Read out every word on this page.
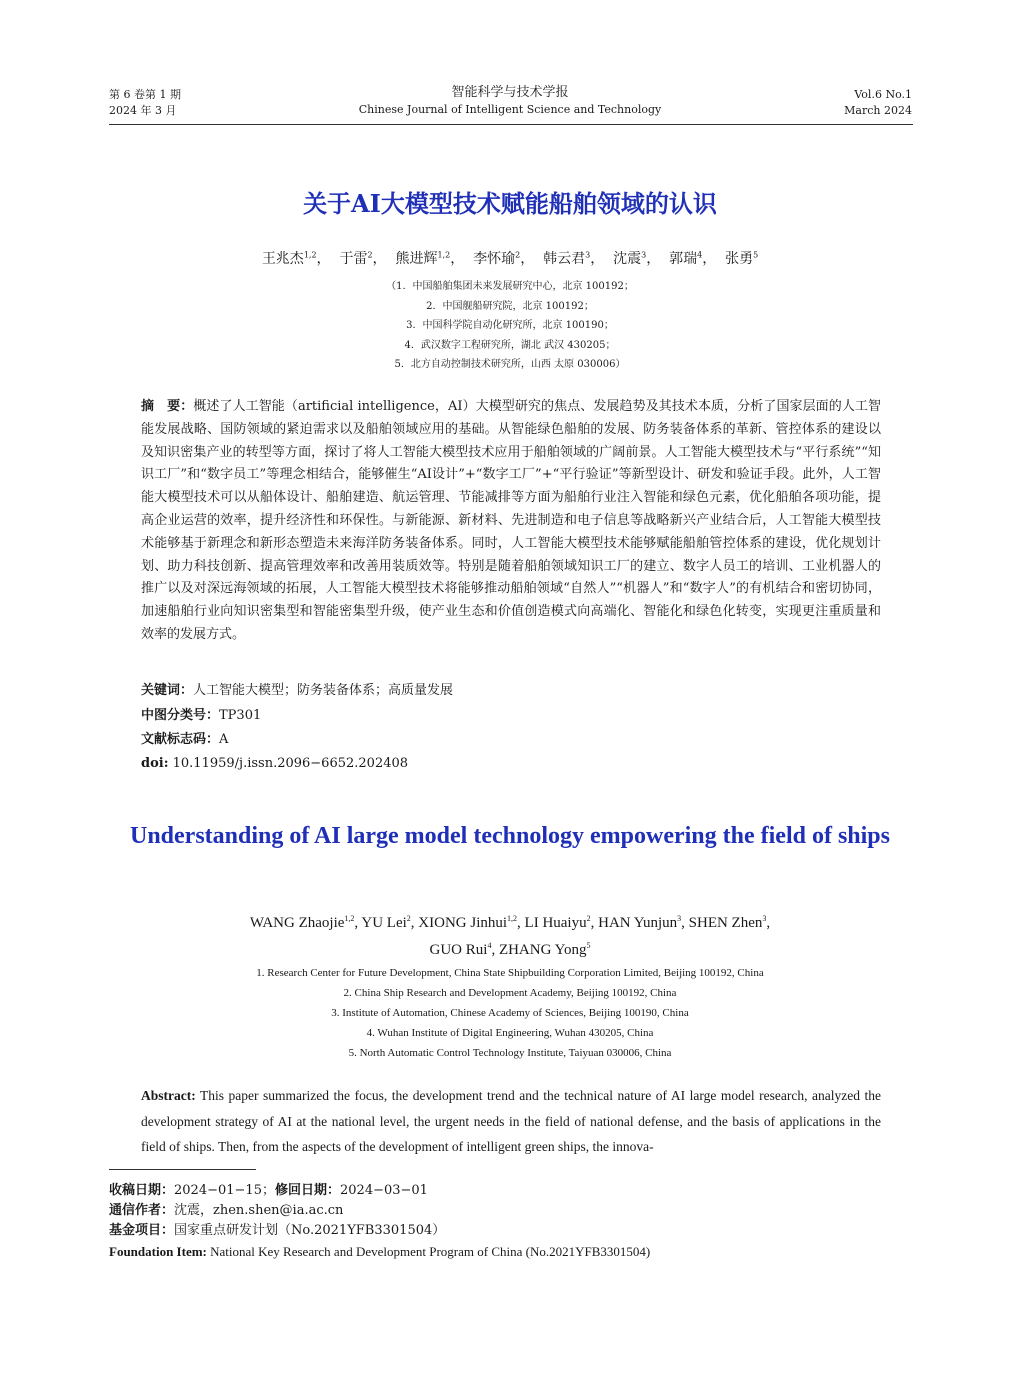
第 6 卷第 1 期
2024 年 3 月
智能科学与技术学报
Chinese Journal of Intelligent Science and Technology
Vol.6 No.1
March 2024
关于AI大模型技术赋能船舶领域的认识
王兆杰$^{1,2}$， 于雷$^2$， 熊进辉$^{1,2}$， 李怀瑜$^2$， 韩云君$^3$， 沈震$^3$， 郭瑞$^4$， 张勇$^5$
（1．中国船舶集团未来发展研究中心，北京 100192；
2．中国舰船研究院，北京 100192；
3．中国科学院自动化研究所，北京 100190；
4．武汉数字工程研究所，湖北 武汉 430205；
5．北方自动控制技术研究所，山西 太原 030006）
摘　要：概述了人工智能（artificial intelligence，AI）大模型研究的焦点、发展趋势及其技术本质，分析了国家层面的人工智能发展战略、国防领域的紧迫需求以及船舶领域应用的基础。从智能绿色船舶的发展、防务装备体系的革新、管控体系的建设以及知识密集产业的转型等方面，探讨了将人工智能大模型技术应用于船舶领域的广阔前景。人工智能大模型技术与“平行系统”“知识工厂”和“数字员工”等理念相结合，能够催生“AI设计”+“数字工厂”+“平行验证”等新型设计、研发和验证手段。此外，人工智能大模型技术可以从船体设计、船舶建造、航运管理、节能减排等方面为船舶行业注入智能和绿色元素，优化船舶各项功能，提高企业运营的效率，提升经济性和环保性。与新能源、新材料、先进制造和电子信息等战略新兴产业结合后，人工智能大模型技术能够基于新理念和新形态塑造未来海洋防务装备体系。同时，人工智能大模型技术能够赋能船舶管控体系的建设，优化规划计划、助力科技创新、提高管理效率和改善用装质效等。特别是随着船舶领域知识工厂的建立、数字人员工的培训、工业机器人的推广以及对深远海领域的拓展，人工智能大模型技术将能够推动船舶领域“自然人”“机器人”和“数字人”的有机结合和密切协同，加速船舶行业向知识密集型和智能密集型升级，使产业生态和价值创造模式向高端化、智能化和绿色化转变，实现更注重质量和效率的发展方式。
关键词：人工智能大模型；防务装备体系；高质量发展
中图分类号：TP301
文献标志码：A
doi: 10.11959/j.issn.2096−6652.202408
Understanding of AI large model technology empowering the field of ships
WANG Zhaojie$^{1,2}$, YU Lei$^2$, XIONG Jinhui$^{1,2}$, LI Huaiyu$^2$, HAN Yunjun$^3$, SHEN Zhen$^3$,
GUO Rui$^4$, ZHANG Yong$^5$
1. Research Center for Future Development, China State Shipbuilding Corporation Limited, Beijing 100192, China
2. China Ship Research and Development Academy, Beijing 100192, China
3. Institute of Automation, Chinese Academy of Sciences, Beijing 100190, China
4. Wuhan Institute of Digital Engineering, Wuhan 430205, China
5. North Automatic Control Technology Institute, Taiyuan 030006, China
Abstract: This paper summarized the focus, the development trend and the technical nature of AI large model research, analyzed the development strategy of AI at the national level, the urgent needs in the field of national defense, and the basis of applications in the field of ships. Then, from the aspects of the development of intelligent green ships, the innova-
收稿日期：2024−01−15；修回日期：2024−03−01
通信作者：沈震，zhen.shen@ia.ac.cn
基金项目：国家重点研发计划（No.2021YFB3301504）
Foundation Item: National Key Research and Development Program of China (No.2021YFB3301504)
